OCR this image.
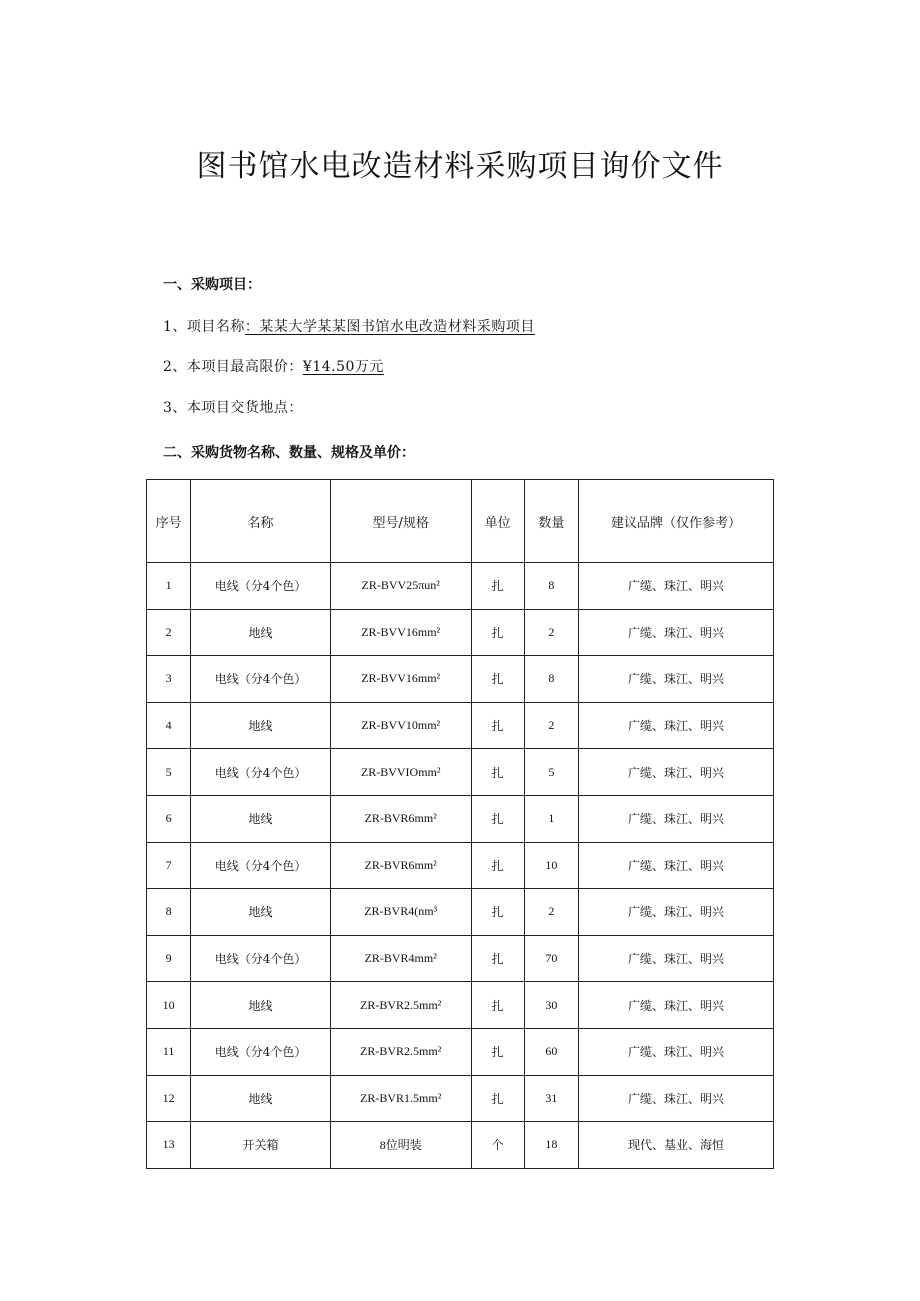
图书馆水电改造材料采购项目询价文件
一、采购项目：
1、项目名称：某某大学某某图书馆水电改造材料采购项目
2、本项目最高限价：¥14.50万元
3、本项目交货地点：
二、采购货物名称、数量、规格及单价：
序号	名称	型号/规格	单位	数量	建议品牌（仅作参考）
1	电线（分4个色）	ZR-BVV25πun²	扎	8	广缆、珠江、明兴
2	地线	ZR-BVV16mm²	扎	2	广缆、珠江、明兴
3	电线（分4个色）	ZR-BVV16mm²	扎	8	广缆、珠江、明兴
4	地线	ZR-BVV10mm²	扎	2	广缆、珠江、明兴
5	电线（分4个色）	ZR-BVVIOmm²	扎	5	广缆、珠江、明兴
6	地线	ZR-BVR6mm²	扎	1	广缆、珠江、明兴
7	电线（分4个色）	ZR-BVR6mm²	扎	10	广缆、珠江、明兴
8	地线	ZR-BVR4(nm³	扎	2	广缆、珠江、明兴
9	电线（分4个色）	ZR-BVR4mm²	扎	70	广缆、珠江、明兴
10	地线	ZR-BVR2.5mm²	扎	30	广缆、珠江、明兴
11	电线（分4个色）	ZR-BVR2.5mm²	扎	60	广缆、珠江、明兴
12	地线	ZR-BVR1.5mm²	扎	31	广缆、珠江、明兴
13	开关箱	8位明装	个	18	现代、基业、海恒
